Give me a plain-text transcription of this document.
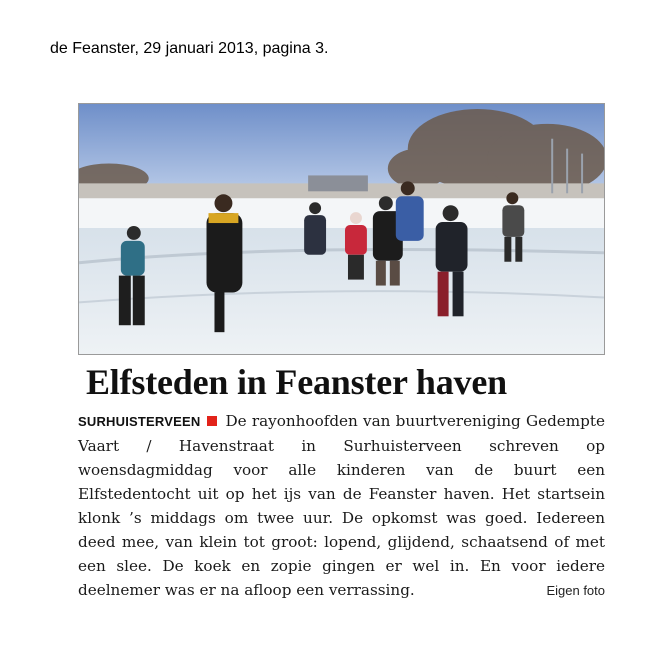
de Feanster, 29 januari 2013, pagina 3.
Elfsteden in Feanster haven
SURHUISTERVEEN De rayonhoofden van buurtvereniging Gedempte Vaart / Havenstraat in Surhuisterveen schreven op woensdagmiddag voor alle kinderen van de buurt een Elfstedentocht uit op het ijs van de Feanster haven. Het startsein klonk ’s middags om twee uur. De opkomst was goed. Iedereen deed mee, van klein tot groot: lopend, glijdend, schaatsend of met een slee. De koek en zopie gingen er wel in. En voor iedere deelnemer was er na afloop een verrassing.	Eigen foto
